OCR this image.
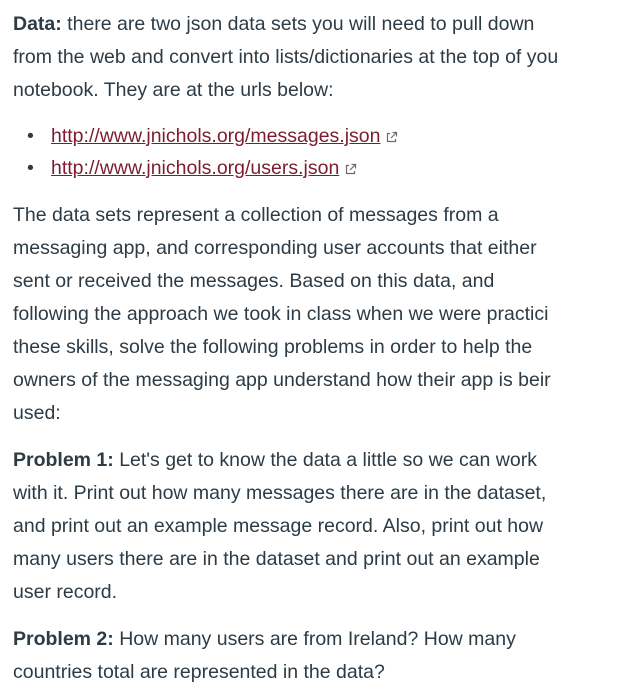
Data: there are two json data sets you will need to pull down

from the web and convert into lists/dictionaries at the top of you

notebook. They are at the urls below:

• http://www.jnichols.org/messages.json
• http://www.jnichols.org/users.json

The data sets represent a collection of messages from a

messaging app, and corresponding user accounts that either

sent or received the messages. Based on this data, and

following the approach we took in class when we were practici

these skills, solve the following problems in order to help the

owners of the messaging app understand how their app is beir

used:

Problem 1: Let's get to know the data a little so we can work

with it. Print out how many messages there are in the dataset,

and print out an example message record. Also, print out how

many users there are in the dataset and print out an example

user record.

Problem 2: How many users are from Ireland? How many

countries total are represented in the data?
